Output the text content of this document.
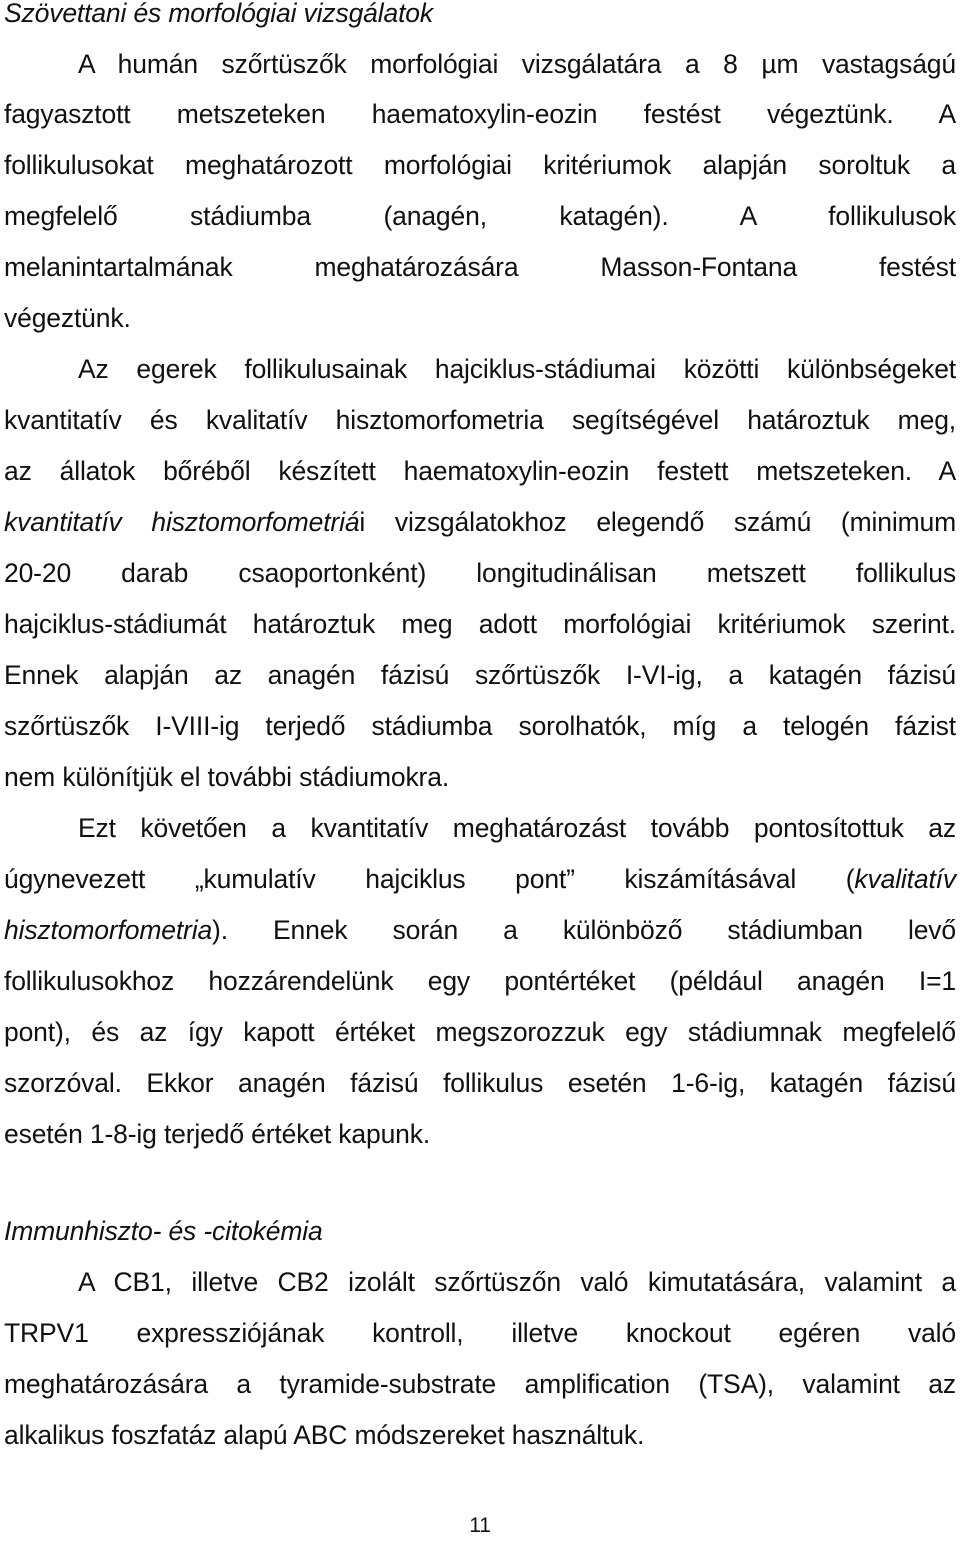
Szövettani és morfológiai vizsgálatok
A humán szőrtüszők morfológiai vizsgálatára a 8 µm vastagságú
fagyasztott metszeteken haematoxylin-eozin festést végeztünk. A
follikulusokat meghatározott morfológiai kritériumok alapján soroltuk a
megfelelő stádiumba (anagén, katagén). A follikulusok
melanintartalmának meghatározására Masson-Fontana festést
végeztünk.
Az egerek follikulusainak hajciklus-stádiumai közötti különbségeket
kvantitatív és kvalitatív hisztomorfometria segítségével határoztuk meg,
az állatok bőréből készített haematoxylin-eozin festett metszeteken. A
kvantitatív hisztomorfometriái vizsgálatokhoz elegendő számú (minimum
20-20 darab csaoportonként) longitudinálisan metszett follikulus
hajciklus-stádiumát határoztuk meg adott morfológiai kritériumok szerint.
Ennek alapján az anagén fázisú szőrtüszők I-VI-ig, a katagén fázisú
szőrtüszők I-VIII-ig terjedő stádiumba sorolhatók, míg a telogén fázist
nem különítjük el további stádiumokra.
Ezt követően a kvantitatív meghatározást tovább pontosítottuk az
úgynevezett „kumulatív hajciklus pont” kiszámításával (kvalitatív
hisztomorfometria). Ennek során a különböző stádiumban levő
follikulusokhoz hozzárendelünk egy pontértéket (például anagén I=1
pont), és az így kapott értéket megszorozzuk egy stádiumnak megfelelő
szorzóval. Ekkor anagén fázisú follikulus esetén 1-6-ig, katagén fázisú
esetén 1-8-ig terjedő értéket kapunk.
Immunhiszto- és -citokémia
A CB1, illetve CB2 izolált szőrtüszőn való kimutatására, valamint a
TRPV1 expressziójának kontroll, illetve knockout egéren való
meghatározására a tyramide-substrate amplification (TSA), valamint az
alkalikus foszfatáz alapú ABC módszereket használtuk.
11
